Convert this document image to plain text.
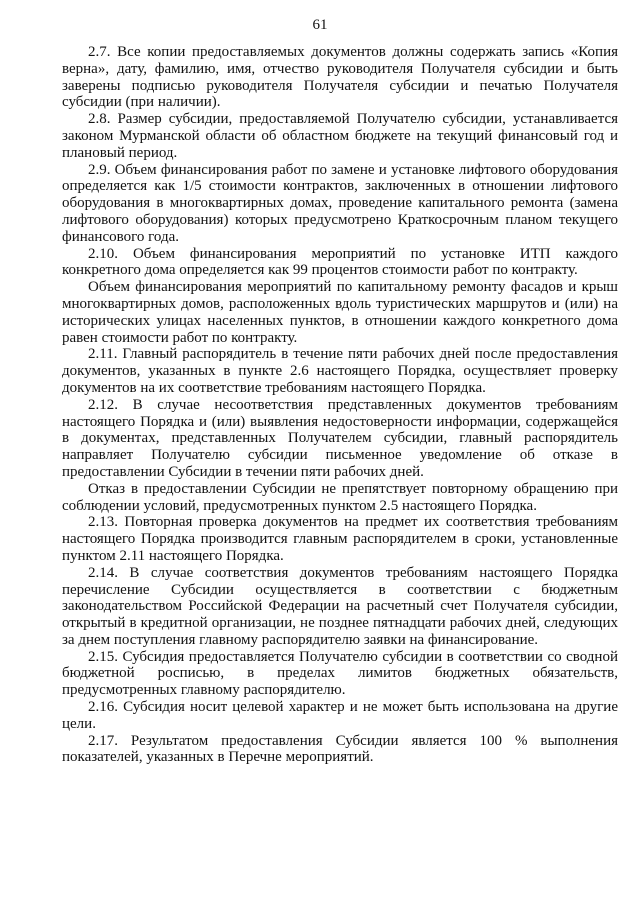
61

2.7. Все копии предоставляемых документов должны содержать запись «Копия верна», дату, фамилию, имя, отчество руководителя Получателя субсидии и быть заверены подписью руководителя Получателя субсидии и печатью Получателя субсидии (при наличии).

2.8. Размер субсидии, предоставляемой Получателю субсидии, устанавливается законом Мурманской области об областном бюджете на текущий финансовый год и плановый период.

2.9. Объем финансирования работ по замене и установке лифтового оборудования определяется как 1/5 стоимости контрактов, заключенных в отношении лифтового оборудования в многоквартирных домах, проведение капитального ремонта (замена лифтового оборудования) которых предусмотрено Краткосрочным планом текущего финансового года.

2.10. Объем финансирования мероприятий по установке ИТП каждого конкретного дома определяется как 99 процентов стоимости работ по контракту.

Объем финансирования мероприятий по капитальному ремонту фасадов и крыш многоквартирных домов, расположенных вдоль туристических маршрутов и (или) на исторических улицах населенных пунктов, в отношении каждого конкретного дома равен стоимости работ по контракту.

2.11. Главный распорядитель в течение пяти рабочих дней после предоставления документов, указанных в пункте 2.6 настоящего Порядка, осуществляет проверку документов на их соответствие требованиям настоящего Порядка.

2.12. В случае несоответствия представленных документов требованиям настоящего Порядка и (или) выявления недостоверности информации, содержащейся в документах, представленных Получателем субсидии, главный распорядитель направляет Получателю субсидии письменное уведомление об отказе в предоставлении Субсидии в течении пяти рабочих дней.

Отказ в предоставлении Субсидии не препятствует повторному обращению при соблюдении условий, предусмотренных пунктом 2.5 настоящего Порядка.

2.13. Повторная проверка документов на предмет их соответствия требованиям настоящего Порядка производится главным распорядителем в сроки, установленные пунктом 2.11 настоящего Порядка.

2.14. В случае соответствия документов требованиям настоящего Порядка перечисление Субсидии осуществляется в соответствии с бюджетным законодательством Российской Федерации на расчетный счет Получателя субсидии, открытый в кредитной организации, не позднее пятнадцати рабочих дней, следующих за днем поступления главному распорядителю заявки на финансирование.

2.15. Субсидия предоставляется Получателю субсидии в соответствии со сводной бюджетной росписью, в пределах лимитов бюджетных обязательств, предусмотренных главному распорядителю.

2.16. Субсидия носит целевой характер и не может быть использована на другие цели.

2.17. Результатом предоставления Субсидии является 100 % выполнения показателей, указанных в Перечне мероприятий.
